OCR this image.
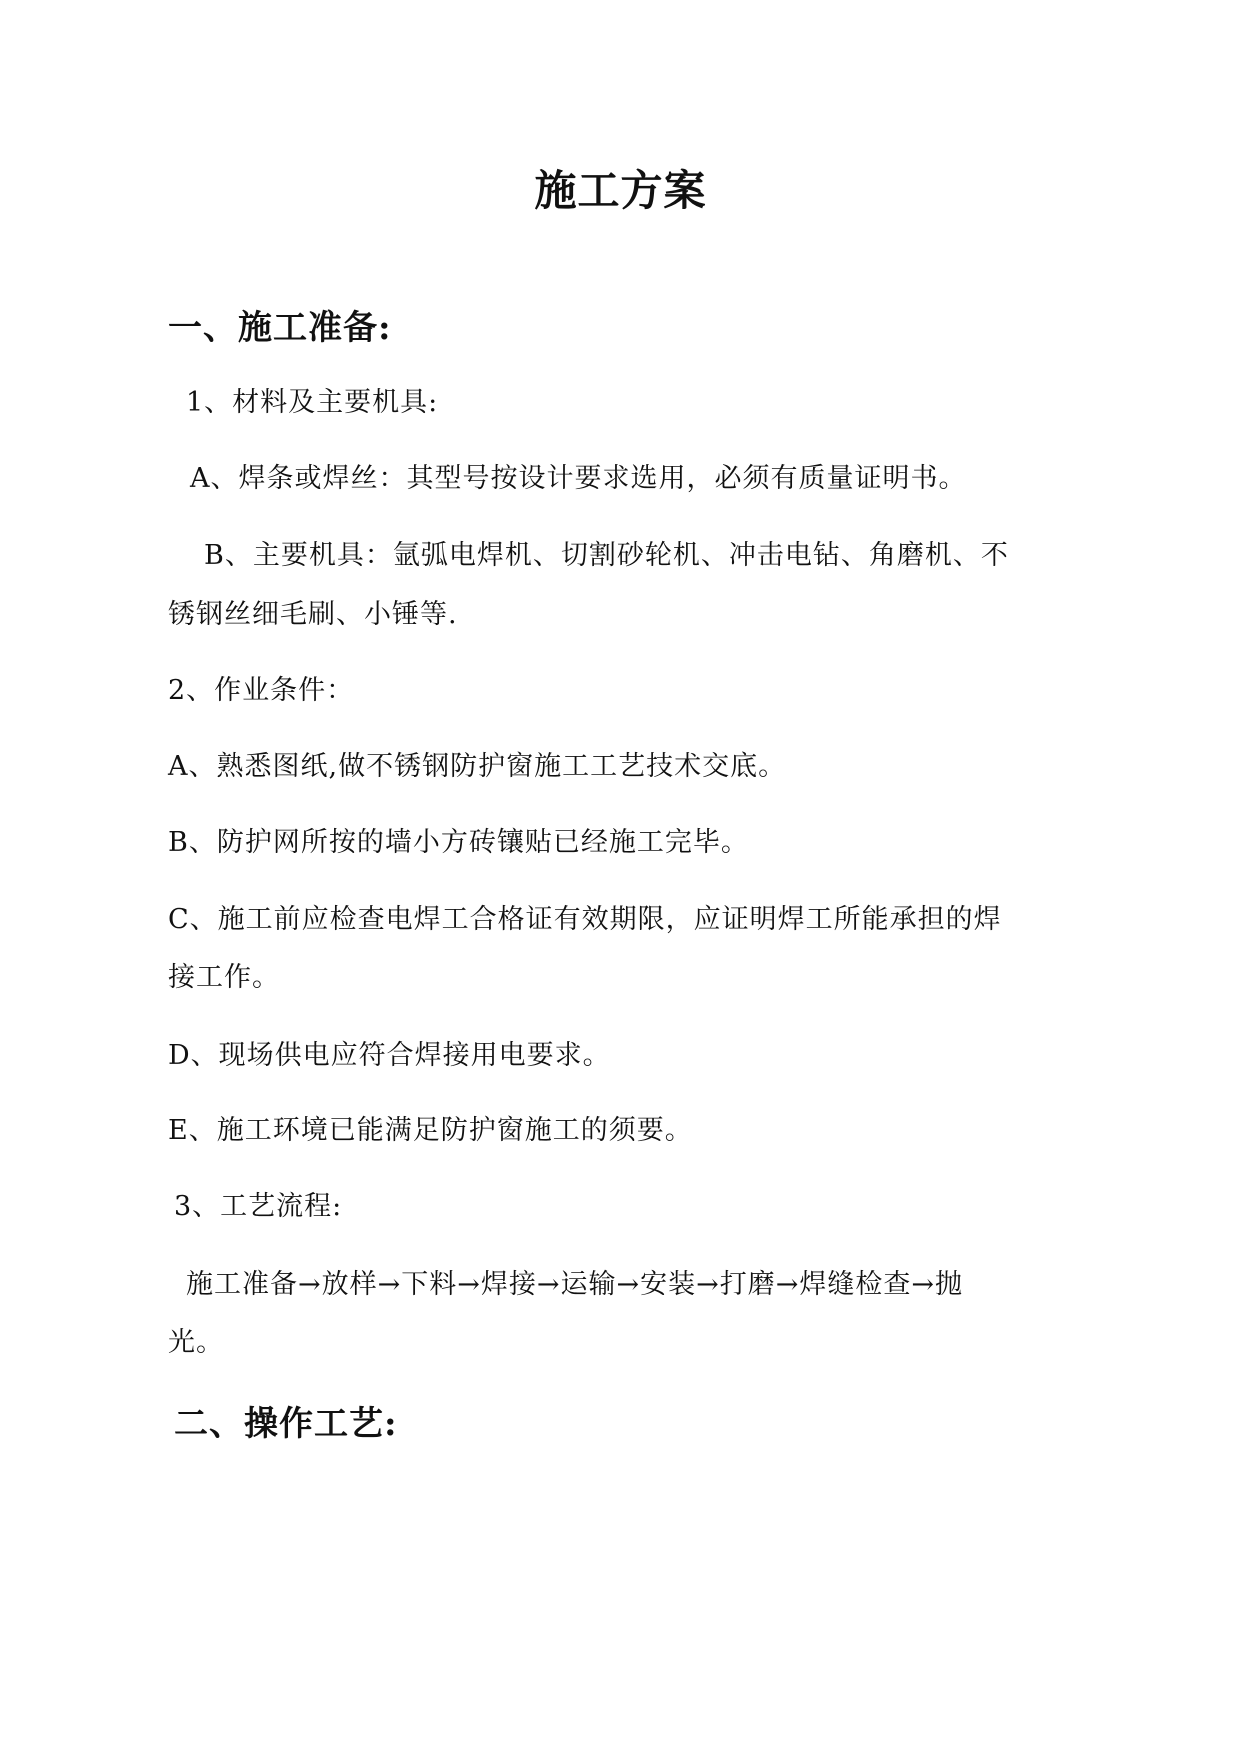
施工方案
一、施工准备:
1、材料及主要机具:
A、焊条或焊丝：其型号按设计要求选用，必须有质量证明书。
B、主要机具：氩弧电焊机、切割砂轮机、冲击电钻、角磨机、不
锈钢丝细毛刷、小锤等.
2、作业条件：
A、熟悉图纸,做不锈钢防护窗施工工艺技术交底。
B、防护网所按的墙小方砖镶贴已经施工完毕。
C、施工前应检查电焊工合格证有效期限，应证明焊工所能承担的焊
接工作。
D、现场供电应符合焊接用电要求。
E、施工环境已能满足防护窗施工的须要。
3、工艺流程:
施工准备→放样→下料→焊接→运输→安装→打磨→焊缝检查→抛
光。
二、操作工艺:
